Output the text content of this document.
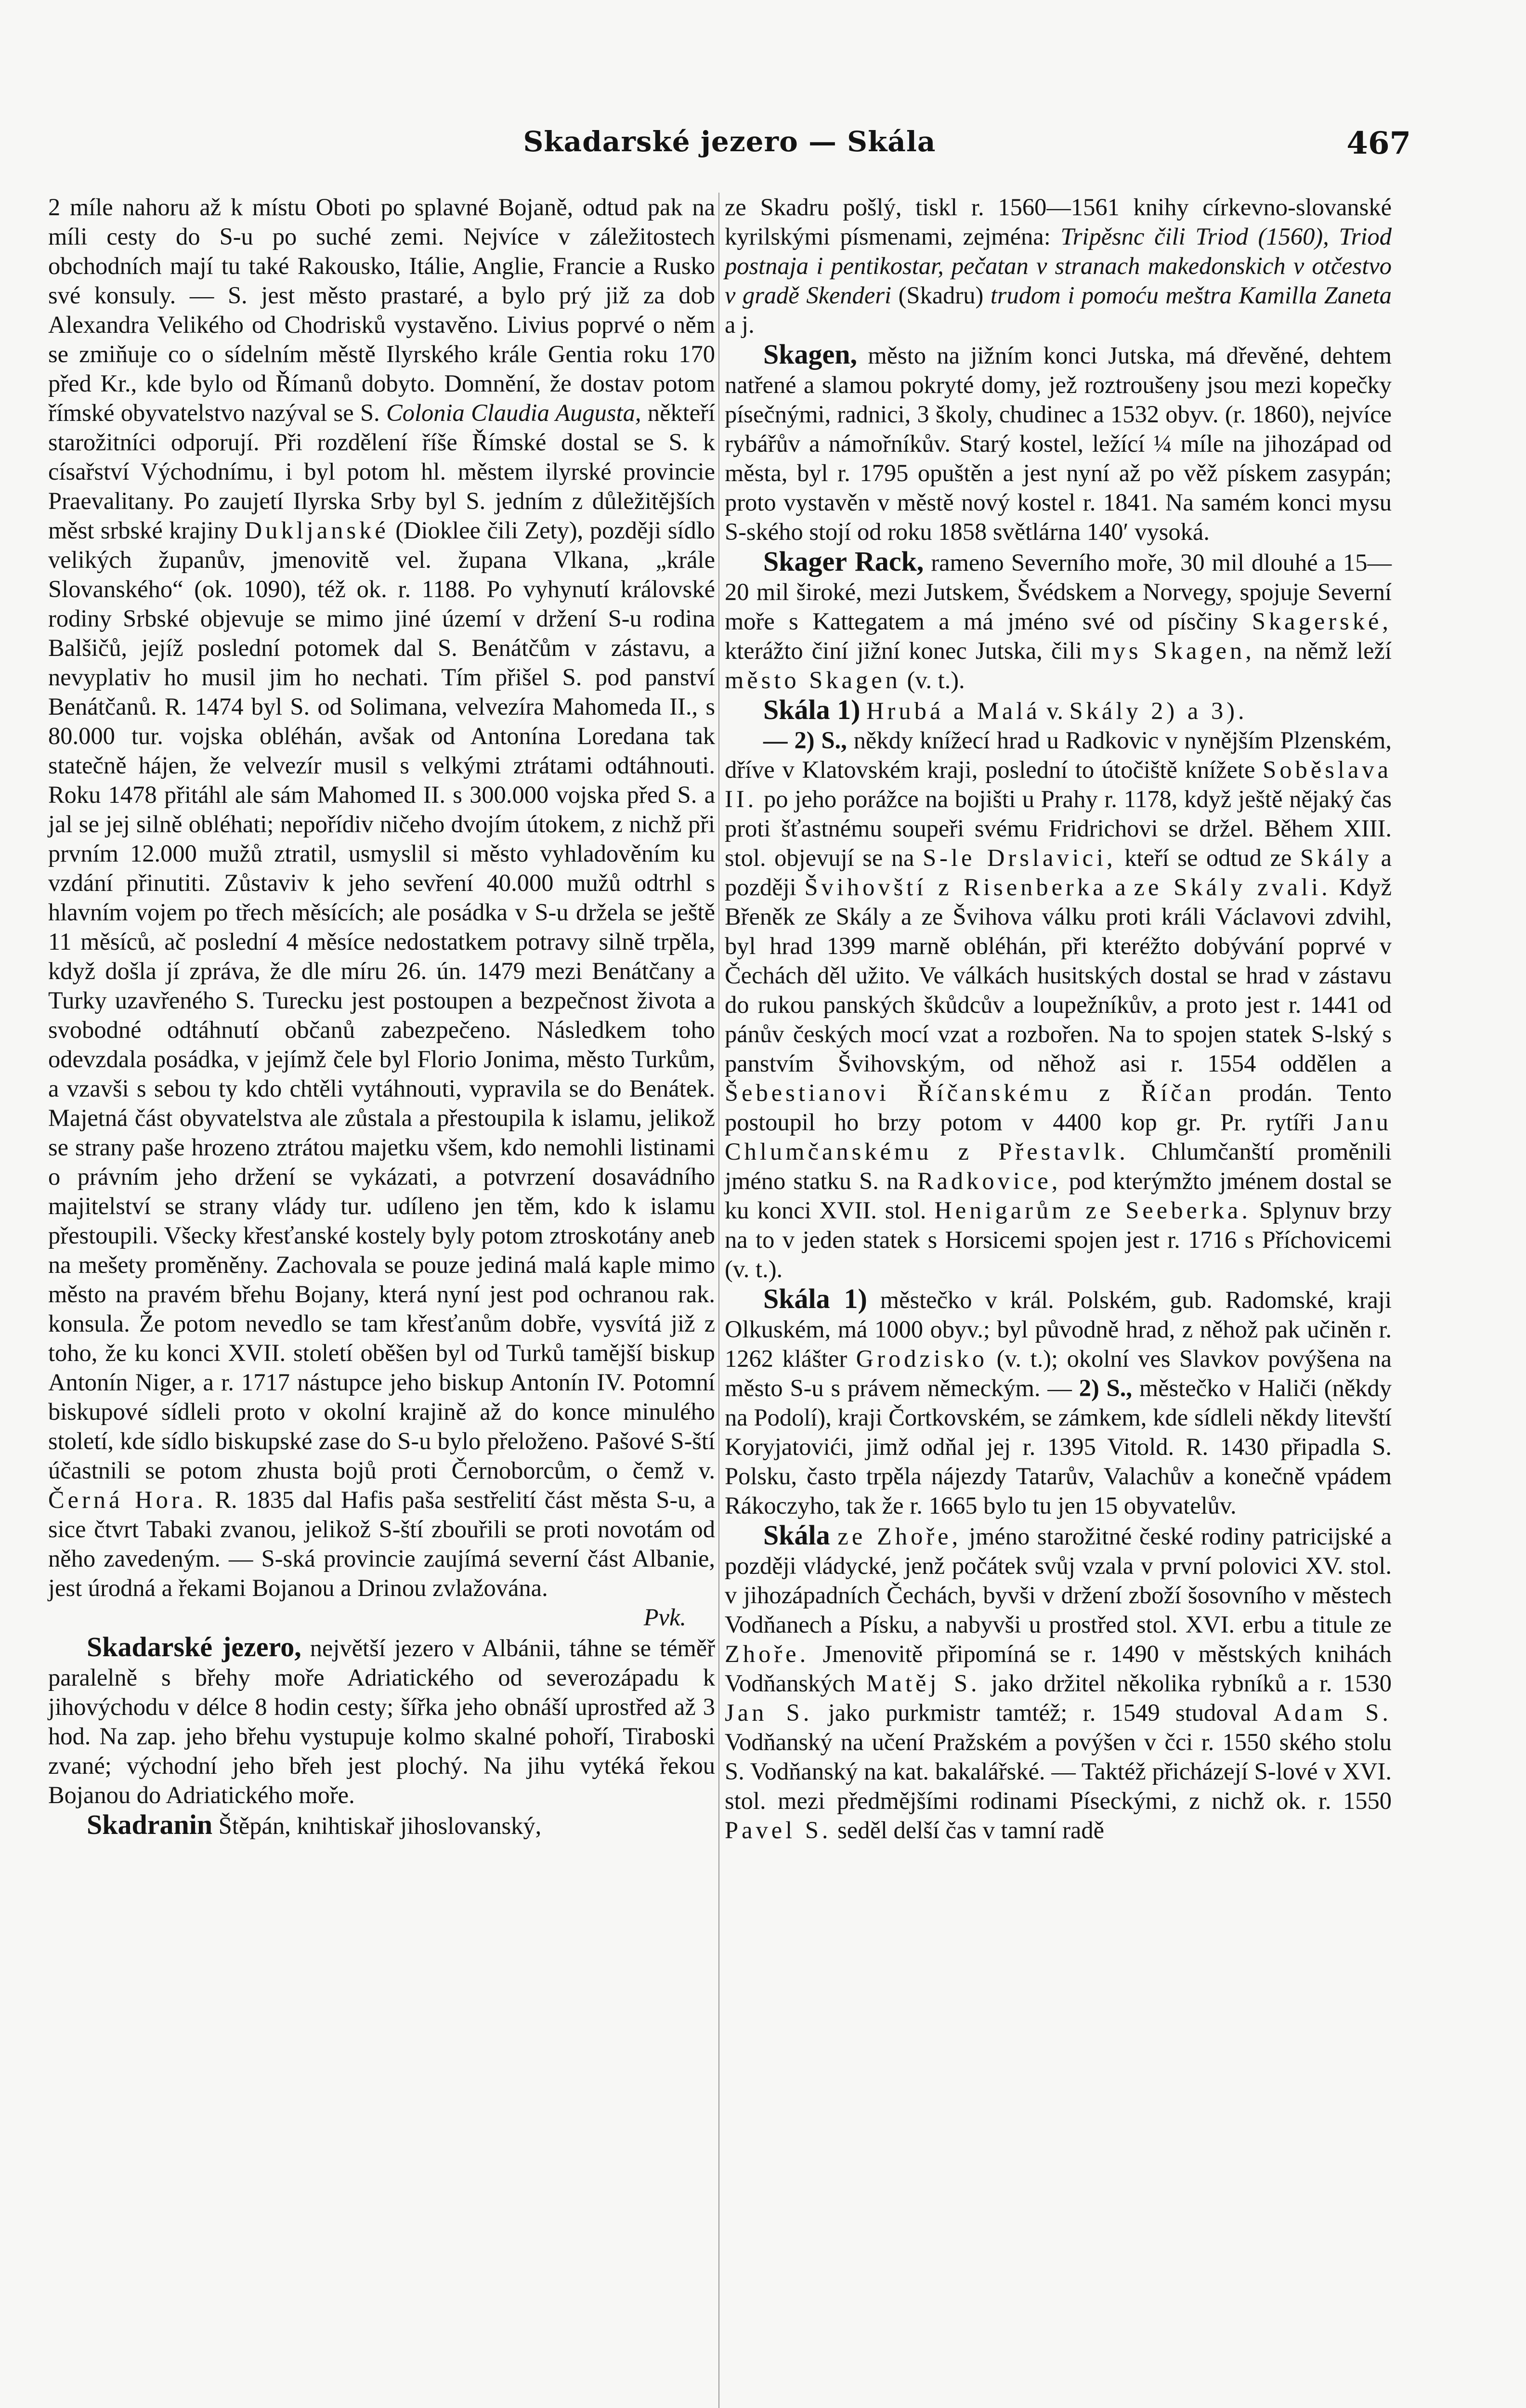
Skadarské jezero — Skála	467

2 míle nahoru až k místu Oboti po splavné Bojaně, odtud pak na míli cesty do S-u po suché zemi. Nejvíce v záležitostech obchodních mají tu také Rakousko, Itálie, Anglie, Francie a Rusko své konsuly. — S. jest město prastaré, a bylo prý již za dob Alexandra Velikého od Chodrisků vystavěno. Livius poprvé o něm se zmiňuje co o sídelním městě Ilyrského krále Gentia roku 170 před Kr., kde bylo od Římanů dobyto. Domnění, že dostav potom římské obyvatelstvo nazýval se S. Colonia Claudia Augusta, někteří starožitníci odporují. Při rozdělení říše Římské dostal se S. k císařství Východnímu, i byl potom hl. městem ilyrské provincie Praevalitany. Po zaujetí Ilyrska Srby byl S. jedním z důležitějších měst srbské krajiny Dukljanské (Dioklee čili Zety), později sídlo velikých županův, jmenovitě vel. župana Vlkana, „krále Slovanského“ (ok. 1090), též ok. r. 1188. Po vyhynutí královské rodiny Srbské objevuje se mimo jiné území v držení S-u rodina Balšičů, jejíž poslední potomek dal S. Benátčům v zástavu, a nevyplativ ho musil jim ho nechati. Tím přišel S. pod panství Benátčanů. R. 1474 byl S. od Solimana, velvezíra Mahomeda II., s 80.000 tur. vojska obléhán, avšak od Antonína Loredana tak statečně hájen, že velvezír musil s velkými ztrátami odtáhnouti. Roku 1478 přitáhl ale sám Mahomed II. s 300.000 vojska před S. a jal se jej silně obléhati; nepořídiv ničeho dvojím útokem, z nichž při prvním 12.000 mužů ztratil, usmyslil si město vyhladověním ku vzdání přinutiti. Zůstaviv k jeho sevření 40.000 mužů odtrhl s hlavním vojem po třech měsících; ale posádka v S-u držela se ještě 11 měsíců, ač poslední 4 měsíce nedostatkem potravy silně trpěla, když došla jí zpráva, že dle míru 26. ún. 1479 mezi Benátčany a Turky uzavřeného S. Turecku jest postoupen a bezpečnost života a svobodné odtáhnutí občanů zabezpečeno. Následkem toho odevzdala posádka, v jejímž čele byl Florio Jonima, město Turkům, a vzavši s sebou ty kdo chtěli vytáhnouti, vypravila se do Benátek. Majetná část obyvatelstva ale zůstala a přestoupila k islamu, jelikož se strany paše hrozeno ztrátou majetku všem, kdo nemohli listinami o právním jeho držení se vykázati, a potvrzení dosavádního majitelství se strany vlády tur. udíleno jen těm, kdo k islamu přestoupili. Všecky křesťanské kostely byly potom ztroskotány aneb na mešety proměněny. Zachovala se pouze jediná malá kaple mimo město na pravém břehu Bojany, která nyní jest pod ochranou rak. konsula. Že potom nevedlo se tam křesťanům dobře, vysvítá již z toho, že ku konci XVII. století oběšen byl od Turků tamější biskup Antonín Niger, a r. 1717 nástupce jeho biskup Antonín IV. Potomní biskupové sídleli proto v okolní krajině až do konce minulého století, kde sídlo biskupské zase do S-u bylo přeloženo. Pašové S-ští účastnili se potom zhusta bojů proti Černoborcům, o čemž v. Černá Hora. R. 1835 dal Hafis paša sestřelití část města S-u, a sice čtvrt Tabaki zvanou, jelikož S-ští zbouřili se proti novotám od něho zavedeným. — S-ská provincie zaujímá severní část Albanie, jest úrodná a řekami Bojanou a Drinou zvlažována.

Pvk.

Skadarské jezero, největší jezero v Albánii, táhne se téměř paralelně s břehy moře Adriatického od severozápadu k jihovýchodu v délce 8 hodin cesty; šířka jeho obnáší uprostřed až 3 hod. Na zap. jeho břehu vystupuje kolmo skalné pohoří, Tiraboski zvané; východní jeho břeh jest plochý. Na jihu vytéká řekou Bojanou do Adriatického moře.

Skadranin Štěpán, knihtiskař jihoslovanský,

ze Skadru pošlý, tiskl r. 1560—1561 knihy církevno-slovanské kyrilskými písmenami, zejména: Tripěsnc čili Triod (1560), Triod postnaja i pentikostar, pečatan v stranach makedonskich v otčestvo v gradě Skenderi (Skadru) trudom i pomoću meštra Kamilla Zaneta a j.

Skagen, město na jižním konci Jutska, má dřevěné, dehtem natřené a slamou pokryté domy, jež roztroušeny jsou mezi kopečky písečnými, radnici, 3 školy, chudinec a 1532 obyv. (r. 1860), nejvíce rybářův a námořníkův. Starý kostel, ležící ¼ míle na jihozápad od města, byl r. 1795 opuštěn a jest nyní až po věž pískem zasypán; proto vystavěn v městě nový kostel r. 1841. Na samém konci mysu S-ského stojí od roku 1858 světlárna 140′ vysoká.

Skager Rack, rameno Severního moře, 30 mil dlouhé a 15—20 mil široké, mezi Jutskem, Švédskem a Norvegy, spojuje Severní moře s Kattegatem a má jméno své od písčiny Skagerské, kterážto činí jižní konec Jutska, čili mys Skagen, na němž leží město Skagen (v. t.).

Skála 1) Hrubá a Malá v. Skály 2) a 3).

— 2) S., někdy knížecí hrad u Radkovic v nynějším Plzenském, dříve v Klatovském kraji, poslední to útočiště knížete Soběslava II. po jeho porážce na bojišti u Prahy r. 1178, když ještě nějaký čas proti šťastnému soupeři svému Fridrichovi se držel. Během XIII. stol. objevují se na S-le Drslavici, kteří se odtud ze Skály a později Švihovští z Risenberka a ze Skály zvali. Když Břeněk ze Skály a ze Švihova válku proti králi Václavovi zdvihl, byl hrad 1399 marně obléhán, při kteréžto dobývání poprvé v Čechách děl užito. Ve válkách husitských dostal se hrad v zástavu do rukou panských škůdcův a loupežníkův, a proto jest r. 1441 od pánův českých mocí vzat a rozbořen. Na to spojen statek S-lský s panstvím Švihovským, od něhož asi r. 1554 oddělen a Šebestianovi Říčanskému z Říčan prodán. Tento postoupil ho brzy potom v 4400 kop gr. Pr. rytíři Janu Chlumčanskému z Přestavlk. Chlumčanští proměnili jméno statku S. na Radkovice, pod kterýmžto jménem dostal se ku konci XVII. stol. Henigarům ze Seeberka. Splynuv brzy na to v jeden statek s Horsicemi spojen jest r. 1716 s Příchovicemi (v. t.).

Skála 1) městečko v král. Polském, gub. Radomské, kraji Olkuském, má 1000 obyv.; byl původně hrad, z něhož pak učiněn r. 1262 klášter Grodzisko (v. t.); okolní ves Slavkov povýšena na město S-u s právem německým. — 2) S., městečko v Haliči (někdy na Podolí), kraji Čortkovském, se zámkem, kde sídleli někdy litevští Koryjatovići, jimž odňal jej r. 1395 Vitold. R. 1430 připadla S. Polsku, často trpěla nájezdy Tatarův, Valachův a konečně vpádem Rákoczyho, tak že r. 1665 bylo tu jen 15 obyvatelův.

Skála ze Zhoře, jméno starožitné české rodiny patricijské a později vládycké, jenž počátek svůj vzala v první polovici XV. stol. v jihozápadních Čechách, byvši v držení zboží šosovního v městech Vodňanech a Písku, a nabyvši u prostřed stol. XVI. erbu a titule ze Zhoře. Jmenovitě připomíná se r. 1490 v městských knihách Vodňanských Matěj S. jako držitel několika rybníků a r. 1530 Jan S. jako purkmistr tamtéž; r. 1549 studoval Adam S. Vodňanský na učení Pražském a povýšen v čci r. 1550 ského stolu S. Vodňanský na kat. bakalářské. — Taktéž přicházejí S-lové v XVI. stol. mezi předmějšími rodinami Píseckými, z nichž ok. r. 1550 Pavel S. seděl delší čas v tamní radě
